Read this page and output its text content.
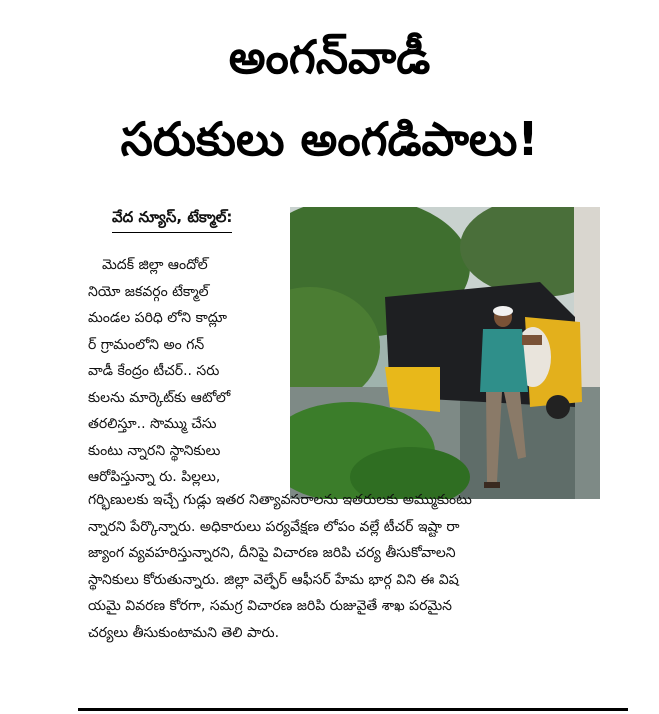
అంగన్‌వాడీ
సరుకులు అంగడిపాలు!
వేద న్యూస్, టేక్మాల్:
మెదక్ జిల్లా ఆందోల్
నియో జకవర్గం టేక్మాల్
మండల పరిధి లోని కాద్లూ
ర్ గ్రామంలోని అం గన్
వాడీ కేంద్రం టీచర్.. సరు
కులను మార్కెట్‌కు ఆటోలో
తరలిస్తూ.. సొమ్ము చేసు
కుంటు న్నారని స్థానికులు
ఆరోపిస్తున్నా రు. పిల్లలు,
గర్భిణులకు ఇచ్చే గుడ్లు ఇతర నిత్యావసరాలను ఇతరులకు అమ్ముకుంటు
న్నారని పేర్కొన్నారు. అధికారులు పర్యవేక్షణ లోపం వల్లే టీచర్ ఇష్టా రా
జ్యాంగ వ్యవహరిస్తున్నారని, దీనిపై విచారణ జరిపి చర్య తీసుకోవాలని
స్థానికులు కోరుతున్నారు. జిల్లా వెల్ఫేర్ ఆఫీసర్ హేమ భార్గ విని ఈ విష
యమై వివరణ కోరగా, సమగ్ర విచారణ జరిపి రుజువైతే శాఖ పరమైన
చర్యలు తీసుకుంటామని తెలి పారు.
